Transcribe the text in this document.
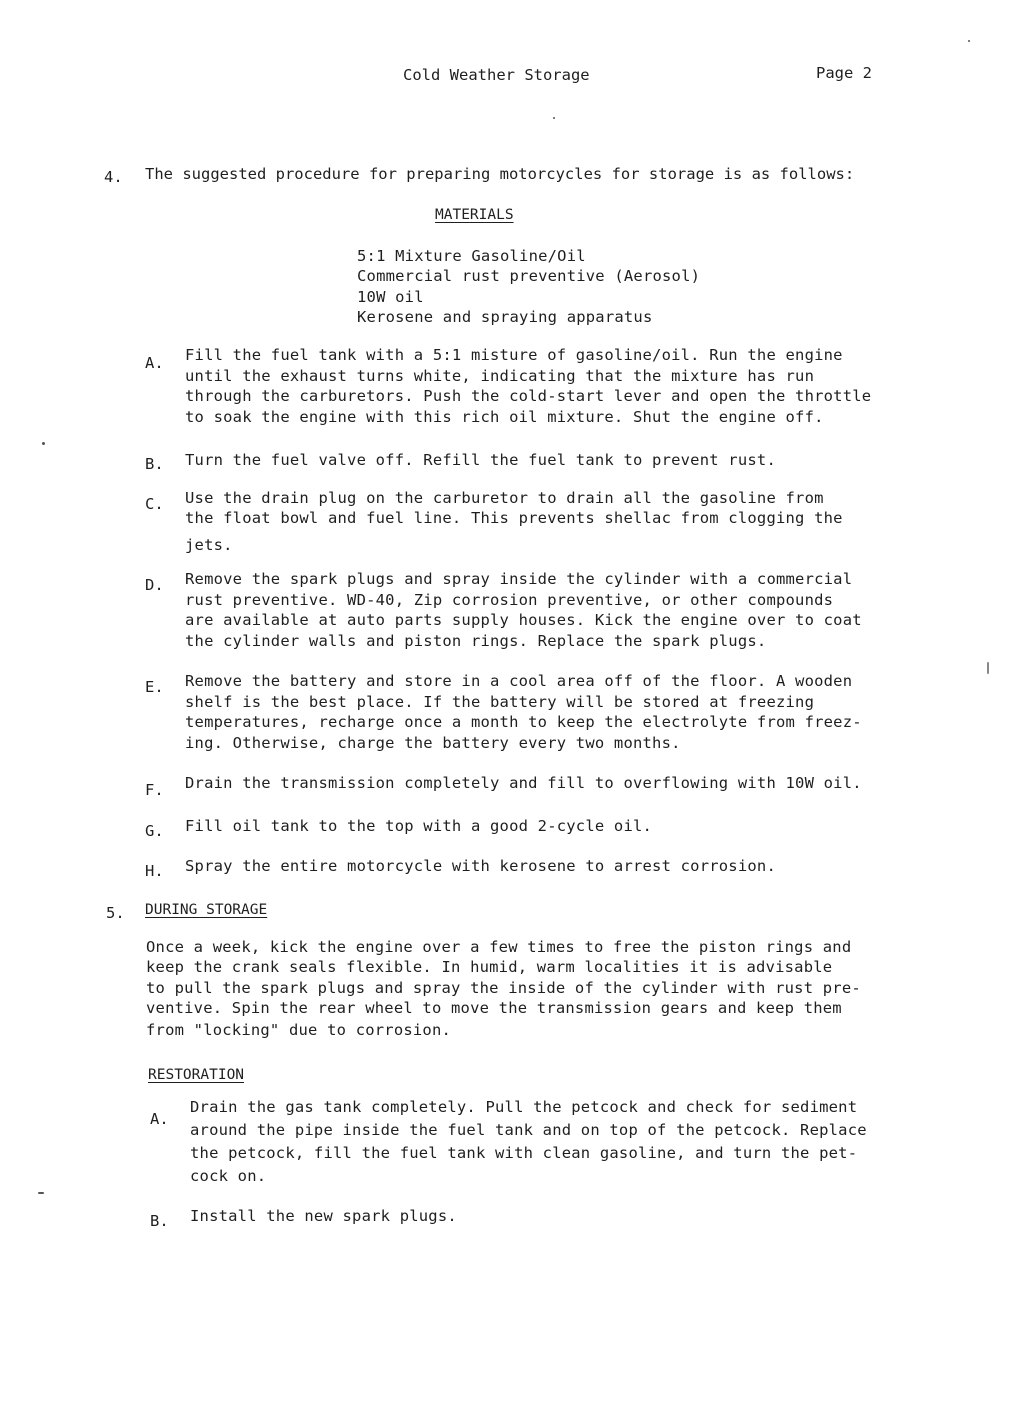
Cold Weather Storage	Page 2
4. The suggested procedure for preparing motorcycles for storage is as follows:
MATERIALS
5:1 Mixture Gasoline/Oil
Commercial rust preventive (Aerosol)
10W oil
Kerosene and spraying apparatus
A. Fill the fuel tank with a 5:1 misture of gasoline/oil. Run the engine
until the exhaust turns white, indicating that the mixture has run
through the carburetors. Push the cold-start lever and open the throttle
to soak the engine with this rich oil mixture. Shut the engine off.
B. Turn the fuel valve off. Refill the fuel tank to prevent rust.
C. Use the drain plug on the carburetor to drain all the gasoline from
the float bowl and fuel line. This prevents shellac from clogging the
jets.
D. Remove the spark plugs and spray inside the cylinder with a commercial
rust preventive. WD-40, Zip corrosion preventive, or other compounds
are available at auto parts supply houses. Kick the engine over to coat
the cylinder walls and piston rings. Replace the spark plugs.
E. Remove the battery and store in a cool area off of the floor. A wooden
shelf is the best place. If the battery will be stored at freezing
temperatures, recharge once a month to keep the electrolyte from freez-
ing. Otherwise, charge the battery every two months.
F. Drain the transmission completely and fill to overflowing with 10W oil.
G. Fill oil tank to the top with a good 2-cycle oil.
H. Spray the entire motorcycle with kerosene to arrest corrosion.
5. DURING STORAGE
Once a week, kick the engine over a few times to free the piston rings and
keep the crank seals flexible. In humid, warm localities it is advisable
to pull the spark plugs and spray the inside of the cylinder with rust pre-
ventive. Spin the rear wheel to move the transmission gears and keep them
from "locking" due to corrosion.
RESTORATION
A.
Drain the gas tank completely. Pull the petcock and check for sediment
around the pipe inside the fuel tank and on top of the petcock. Replace
the petcock, fill the fuel tank with clean gasoline, and turn the pet-
cock on.
B. Install the new spark plugs.
